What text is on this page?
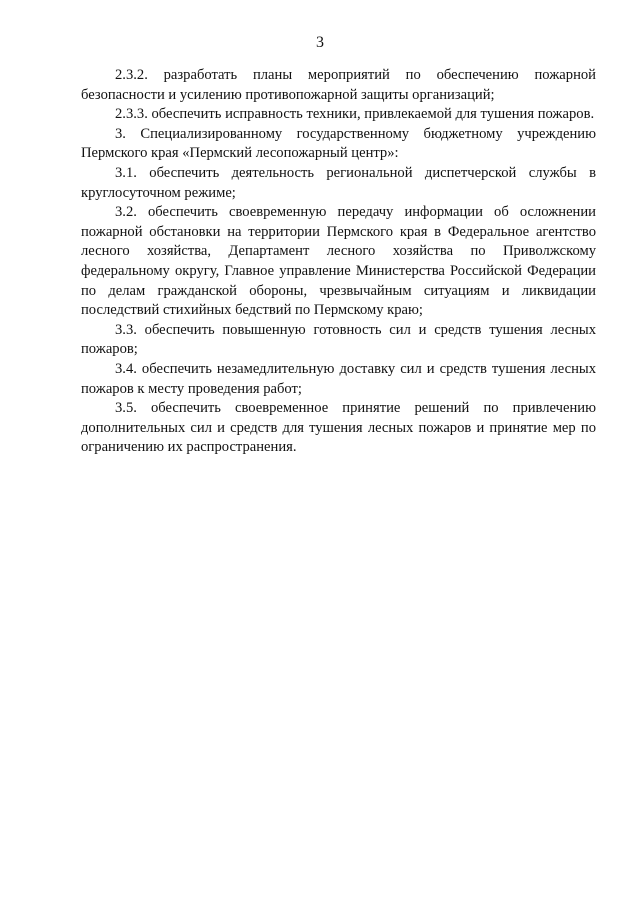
3

2.3.2. разработать планы мероприятий по обеспечению пожарной безопасности и усилению противопожарной защиты организаций;

2.3.3. обеспечить исправность техники, привлекаемой для тушения пожаров.

3. Специализированному государственному бюджетному учреждению Пермского края «Пермский лесопожарный центр»:

3.1. обеспечить деятельность региональной диспетчерской службы в круглосуточном режиме;

3.2. обеспечить своевременную передачу информации об осложнении пожарной обстановки на территории Пермского края в Федеральное агентство лесного хозяйства, Департамент лесного хозяйства по Приволжскому федеральному округу, Главное управление Министерства Российской Федерации по делам гражданской обороны, чрезвычайным ситуациям и ликвидации последствий стихийных бедствий по Пермскому краю;

3.3. обеспечить повышенную готовность сил и средств тушения лесных пожаров;

3.4. обеспечить незамедлительную доставку сил и средств тушения лесных пожаров к месту проведения работ;

3.5. обеспечить своевременное принятие решений по привлечению дополнительных сил и средств для тушения лесных пожаров и принятие мер по ограничению их распространения.
